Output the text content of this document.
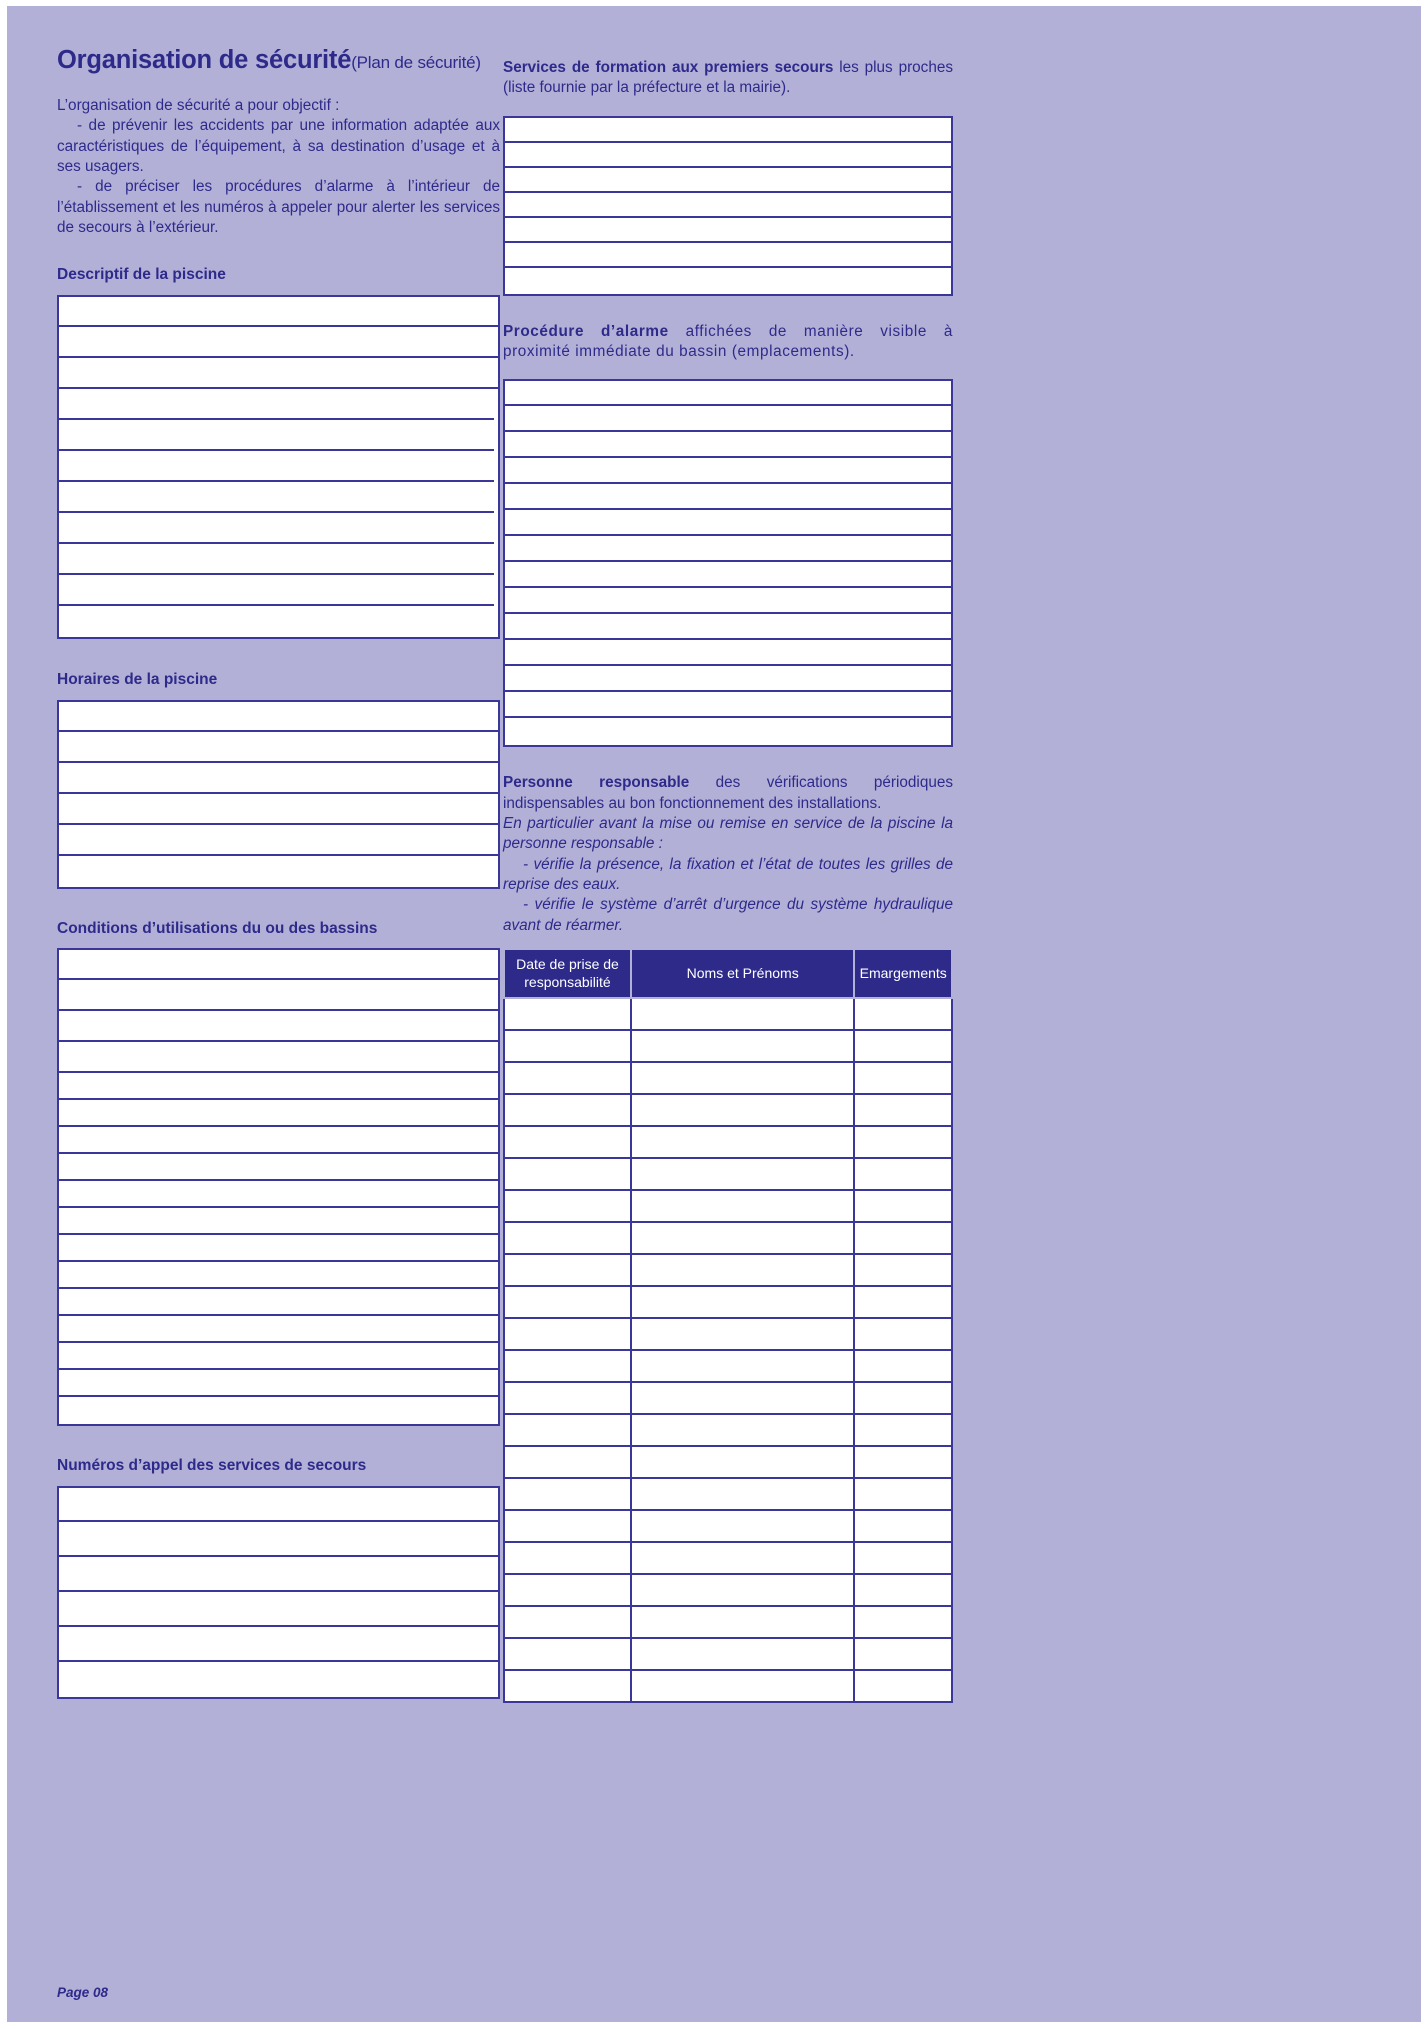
Organisation de sécurité(Plan de sécurité)

L’organisation de sécurité a pour objectif :

- de prévenir les accidents par une information adaptée aux caractéristiques de l’équipement, à sa destination d’usage et à ses usagers.

- de préciser les procédures d’alarme à l’intérieur de l’établissement et les numéros à appeler pour alerter les services de secours à l’extérieur.

Descriptif de la piscine
Horaires de la piscine
Conditions d’utilisations du ou des bassins
Numéros d’appel des services de secours

Services de formation aux premiers secours les plus proches (liste fournie par la préfecture et la mairie).

Procédure d’alarme affichées de manière visible à proximité immédiate du bassin (emplacements).

Personne responsable des vérifications périodiques indispensables au bon fonctionnement des installations.

En particulier avant la mise ou remise en service de la piscine la personne responsable :

- vérifie la présence, la fixation et l’état de toutes les grilles de reprise des eaux.

- vérifie le système d’arrêt d’urgence du système hydraulique avant de réarmer.

Date de prise de responsabilité	Noms et Prénoms	Emargements

Page 08
